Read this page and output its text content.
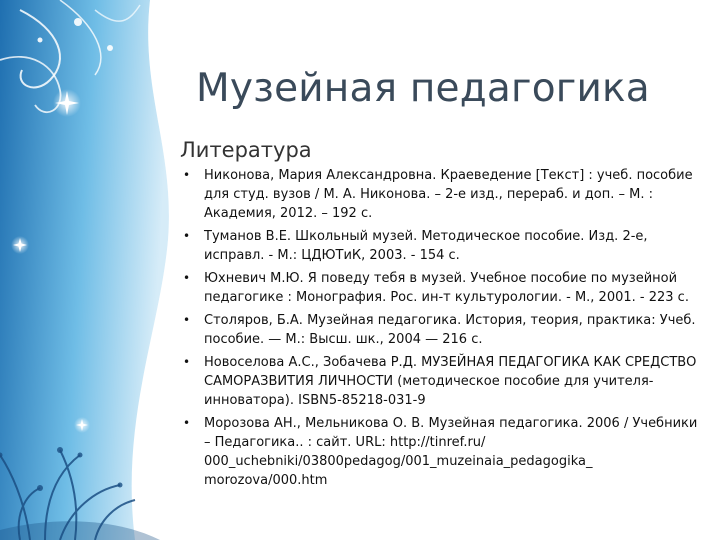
Музейная педагогика
Литература
• Никонова, Мария Александровна. Краеведение [Текст] : учеб. пособие для студ. вузов / М. А. Никонова. – 2-е изд., перераб. и доп. – М. : Академия, 2012. – 192 с.
• Туманов В.Е. Школьный музей. Методическое пособие. Изд. 2-е, исправл. - М.: ЦДЮТиК, 2003. - 154 с.
• Юхневич М.Ю. Я поведу тебя в музей. Учебное пособие по музейной педагогике : Монография. Рос. ин-т культурологии. - М., 2001. - 223 с.
• Столяров, Б.А. Музейная педагогика. История, теория, практика: Учеб. пособие. — М.: Высш. шк., 2004 — 216 с.
• Новоселова А.С., Зобачева Р.Д. МУЗЕЙНАЯ ПЕДАГОГИКА КАК СРЕДСТВО САМОРАЗВИТИЯ ЛИЧНОСТИ (методическое пособие для учителя-инноватора). ISBN5-85218-031-9
• Морозова АН., Мельникова О. В. Музейная педагогика. 2006 / Учебники – Педагогика.. : сайт. URL: http://tinref.ru/ 000_uchebniki/03800pedagog/001_muzeinaia_pedagogika_ morozova/000.htm
